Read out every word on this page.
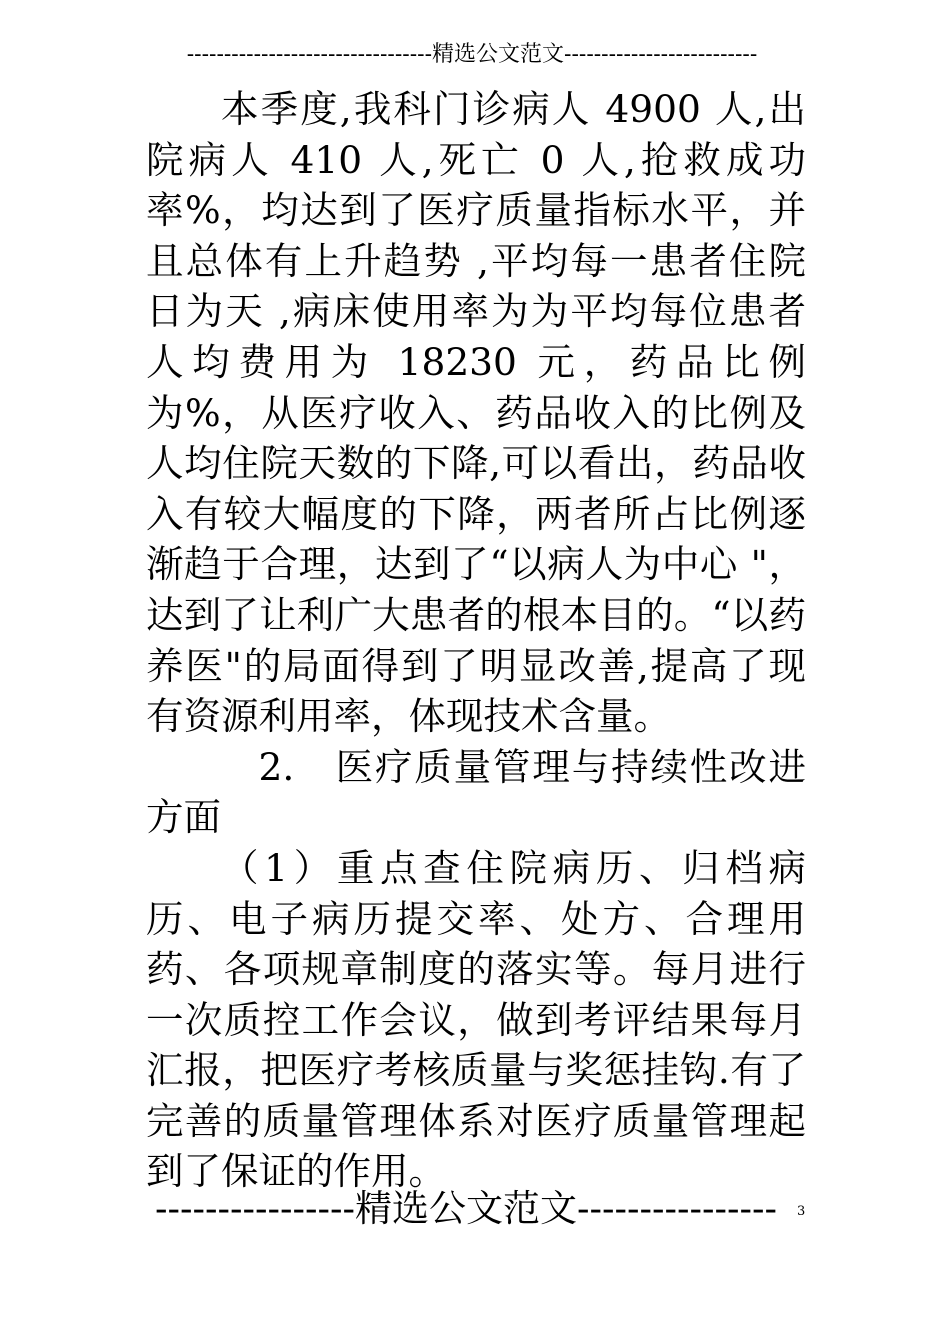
---------------------------------精选公文范文--------------------------

本季度,我科门诊病人 4900 人,出院病人 410 人,死亡 0 人,抢救成功率%，均达到了医疗质量指标水平，并且总体有上升趋势 ,平均每一患者住院日为天 ,病床使用率为为平均每位患者人均费用为 18230 元，药品比例为%，从医疗收入、药品收入的比例及人均住院天数的下降,可以看出，药品收入有较大幅度的下降，两者所占比例逐渐趋于合理，达到了“以病人为中心 "，达到了让利广大患者的根本目的。“以药养医"的局面得到了明显改善,提高了现有资源利用率，体现技术含量。

2.   医疗质量管理与持续性改进方面

（1）重点查住院病历、归档病历、电子病历提交率、处方、合理用药、各项规章制度的落实等。每月进行一次质控工作会议，做到考评结果每月汇报，把医疗考核质量与奖惩挂钩.有了完善的质量管理体系对医疗质量管理起到了保证的作用。

----------------精选公文范文----------------	3
